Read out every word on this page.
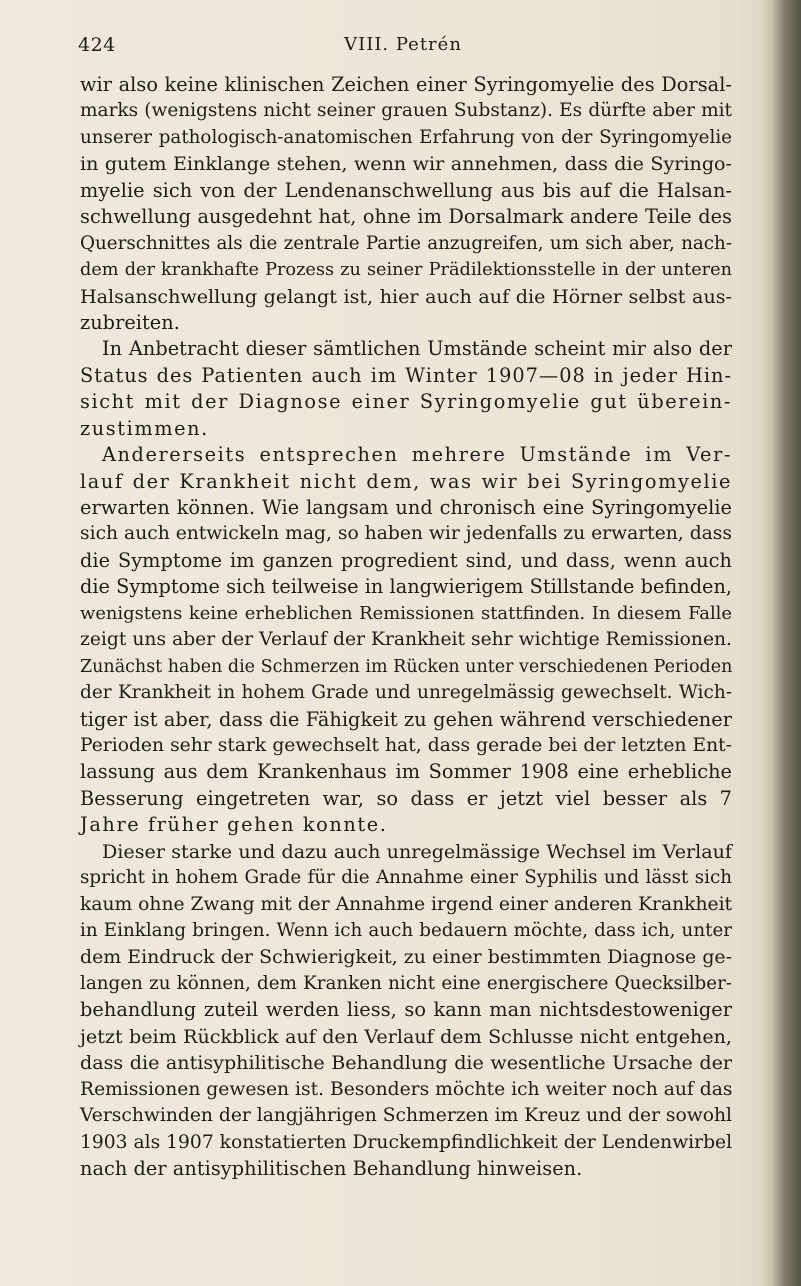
424	VIII. Petrén
wir also keine klinischen Zeichen einer Syringomyelie des Dorsal-
marks (wenigstens nicht seiner grauen Substanz). Es dürfte aber mit
unserer pathologisch-anatomischen Erfahrung von der Syringomyelie
in gutem Einklange stehen, wenn wir annehmen, dass die Syringo-
myelie sich von der Lendenanschwellung aus bis auf die Halsan-
schwellung ausgedehnt hat, ohne im Dorsalmark andere Teile des
Querschnittes als die zentrale Partie anzugreifen, um sich aber, nach-
dem der krankhafte Prozess zu seiner Prädilektionsstelle in der unteren
Halsanschwellung gelangt ist, hier auch auf die Hörner selbst aus-
zubreiten.
In Anbetracht dieser sämtlichen Umstände scheint mir also der
Status des Patienten auch im Winter 1907—08 in jeder Hin-
sicht mit der Diagnose einer Syringomyelie gut überein-
zustimmen.
Andererseits entsprechen mehrere Umstände im Ver-
lauf der Krankheit nicht dem, was wir bei Syringomyelie
erwarten können. Wie langsam und chronisch eine Syringomyelie
sich auch entwickeln mag, so haben wir jedenfalls zu erwarten, dass
die Symptome im ganzen progredient sind, und dass, wenn auch
die Symptome sich teilweise in langwierigem Stillstande befinden,
wenigstens keine erheblichen Remissionen stattfinden. In diesem Falle
zeigt uns aber der Verlauf der Krankheit sehr wichtige Remissionen.
Zunächst haben die Schmerzen im Rücken unter verschiedenen Perioden
der Krankheit in hohem Grade und unregelmässig gewechselt. Wich-
tiger ist aber, dass die Fähigkeit zu gehen während verschiedener
Perioden sehr stark gewechselt hat, dass gerade bei der letzten Ent-
lassung aus dem Krankenhaus im Sommer 1908 eine erhebliche
Besserung eingetreten war, so dass er jetzt viel besser als 7
Jahre früher gehen konnte.
Dieser starke und dazu auch unregelmässige Wechsel im Verlauf
spricht in hohem Grade für die Annahme einer Syphilis und lässt sich
kaum ohne Zwang mit der Annahme irgend einer anderen Krankheit
in Einklang bringen. Wenn ich auch bedauern möchte, dass ich, unter
dem Eindruck der Schwierigkeit, zu einer bestimmten Diagnose ge-
langen zu können, dem Kranken nicht eine energischere Quecksilber-
behandlung zuteil werden liess, so kann man nichtsdestoweniger
jetzt beim Rückblick auf den Verlauf dem Schlusse nicht entgehen,
dass die antisyphilitische Behandlung die wesentliche Ursache der
Remissionen gewesen ist. Besonders möchte ich weiter noch auf das
Verschwinden der langjährigen Schmerzen im Kreuz und der sowohl
1903 als 1907 konstatierten Druckempfindlichkeit der Lendenwirbel
nach der antisyphilitischen Behandlung hinweisen.
